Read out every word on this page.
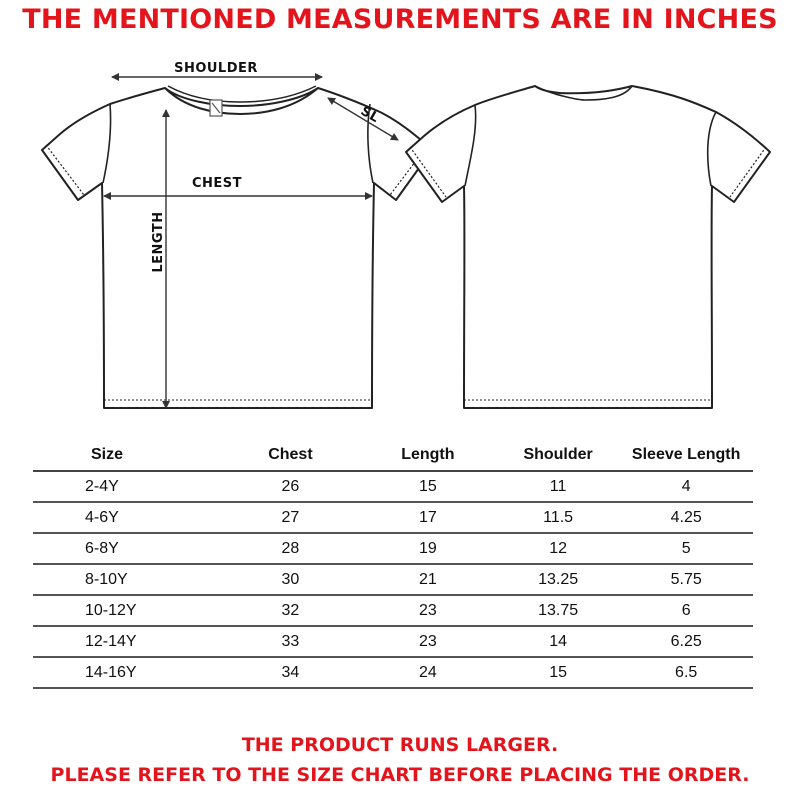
SHOULDER
SL
CHEST
LENGTH
THE MENTIONED MEASUREMENTS ARE IN INCHES
Size	Chest	Length	Shoulder	Sleeve Length
2-4Y	26	15	11	4
4-6Y	27	17	11.5	4.25
6-8Y	28	19	12	5
8-10Y	30	21	13.25	5.75
10-12Y	32	23	13.75	6
12-14Y	33	23	14	6.25
14-16Y	34	24	15	6.5

THE PRODUCT RUNS LARGER.

PLEASE REFER TO THE SIZE CHART BEFORE PLACING THE ORDER.
